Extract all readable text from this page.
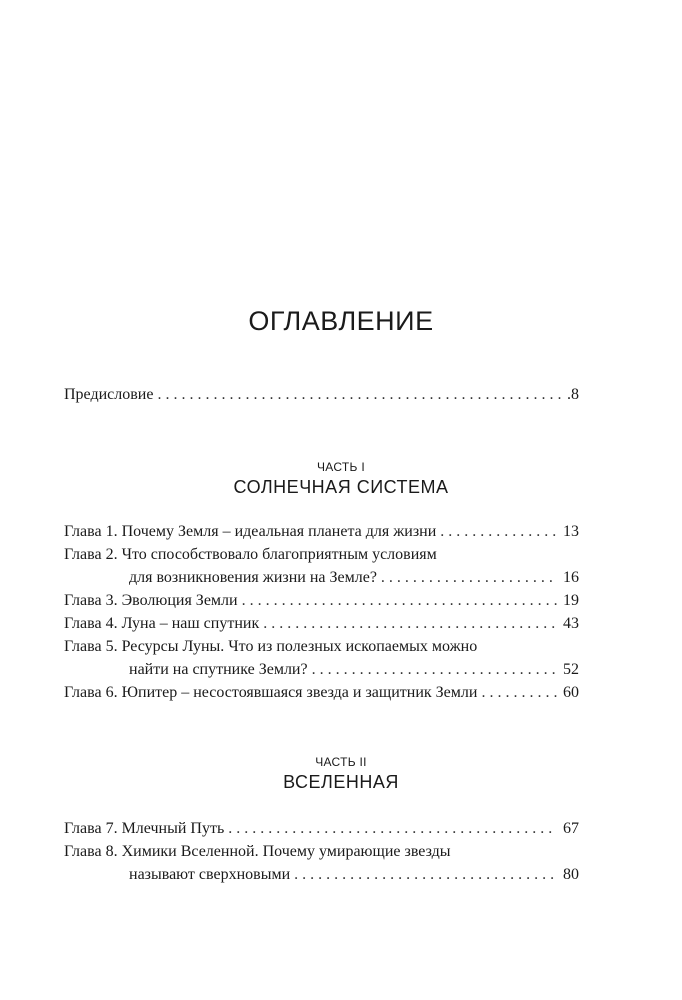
ОГЛАВЛЕНИЕ
Предисловие . . .	.8
ЧАСТЬ I
СОЛНЕЧНАЯ СИСТЕМА
Глава 1. Почему Земля – идеальная планета для жизни . . .	13
Глава 2. Что способствовало благоприятным условиям
для возникновения жизни на Земле? . . .	16
Глава 3. Эволюция Земли . . .	19
Глава 4. Луна – наш спутник . . .	43
Глава 5. Ресурсы Луны. Что из полезных ископаемых можно
найти на спутнике Земли? . . .	52
Глава 6. Юпитер – несостоявшаяся звезда и защитник Земли . . .	60
ЧАСТЬ II
ВСЕЛЕННАЯ
Глава 7. Млечный Путь . . .	67
Глава 8. Химики Вселенной. Почему умирающие звезды
называют сверхновыми . . .	80
